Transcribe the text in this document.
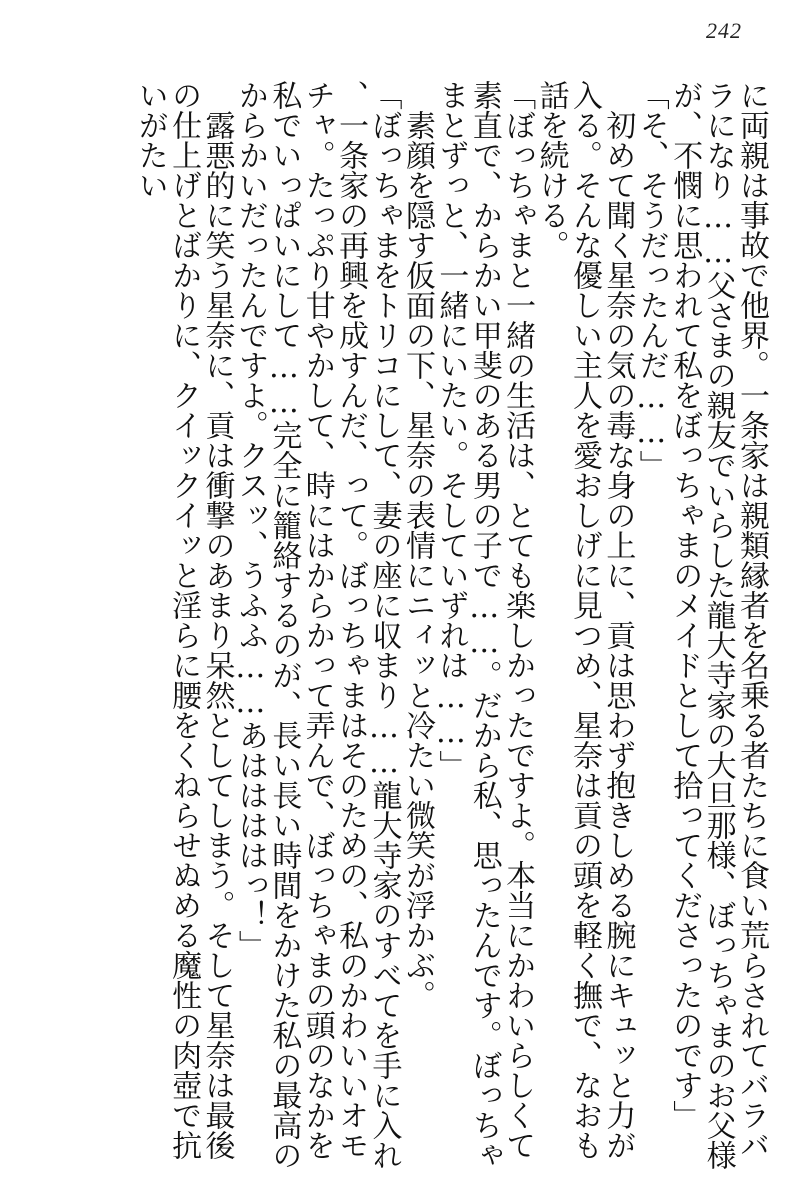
242

に両親は事故で他界。一条家は親類縁者を名乗る者たちに食い荒らされてバラバラになり……父さまの親友でいらした龍大寺家の大旦那様、ぼっちゃまのお父様が、不憫に思われて私をぼっちゃまのメイドとして拾ってくださったのです」

「そ、そうだったんだ……」

　初めて聞く星奈の気の毒な身の上に、貢は思わず抱きしめる腕にキュッと力が入る。そんな優しい主人を愛おしげに見つめ、星奈は貢の頭を軽く撫で、なおも話を続ける。

「ぼっちゃまと一緒の生活は、とても楽しかったですよ。本当にかわいらしくて素直で、からかい甲斐のある男の子で……。だから私、思ったんです。ぼっちゃまとずっと、一緒にいたい。そしていずれは……」

　素顔を隠す仮面の下、星奈の表情にニィッと冷たい微笑が浮かぶ。

「ぼっちゃまをトリコにして、妻の座に収まり……龍大寺家のすべてを手に入れ、一条家の再興を成すんだ、って。ぼっちゃまはそのための、私のかわいいオモチャ。たっぷり甘やかして、時にはからかって弄んで、ぼっちゃまの頭のなかを私でいっぱいにして……完全に籠絡するのが、長い長い時間をかけた私の最高のからかいだったんですよ。クスッ、うふふ……あははははっ！」

　露悪的に笑う星奈に、貢は衝撃のあまり呆然としてしまう。そして星奈は最後の仕上げとばかりに、クイックイッと淫らに腰をくねらせぬめる魔性の肉壺で抗いがたい
